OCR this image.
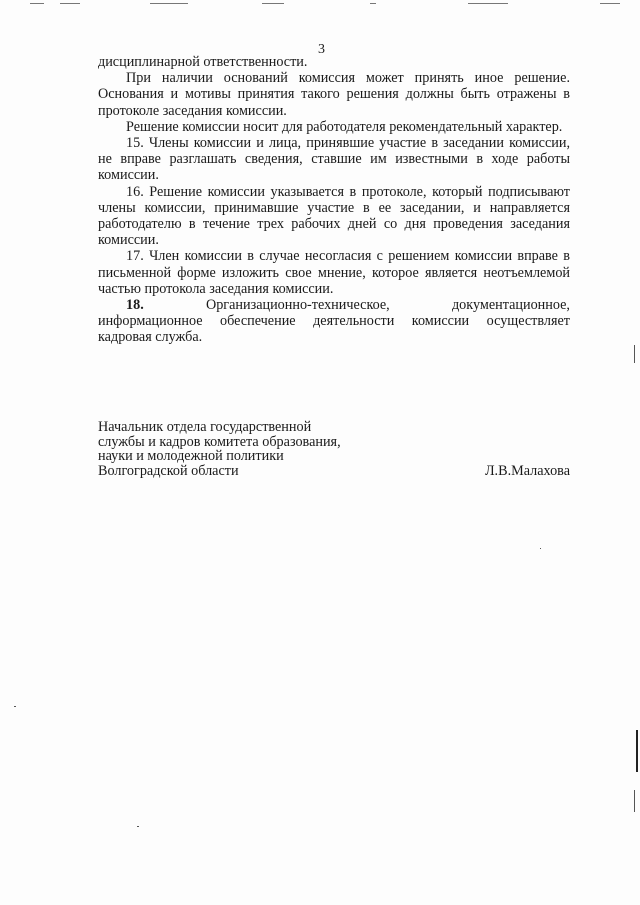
3

дисциплинарной ответственности.

При наличии оснований комиссия может принять иное решение. Основания и мотивы принятия такого решения должны быть отражены в протоколе заседания комиссии.

Решение комиссии носит для работодателя рекомендательный характер.

15. Члены комиссии и лица, принявшие участие в заседании комиссии, не вправе разглашать сведения, ставшие им известными в ходе работы комиссии.

16. Решение комиссии указывается в протоколе, который подписывают члены комиссии, принимавшие участие в ее заседании, и направляется работодателю в течение трех рабочих дней со дня проведения заседания комиссии.

17. Член комиссии в случае несогласия с решением комиссии вправе в письменной форме изложить свое мнение, которое является неотъемлемой частью протокола заседания комиссии.

18.	Организационно-техническое,	документационное,

информационное обеспечение деятельности комиссии осуществляет кадровая служба.

Начальник отдела государственной
службы и кадров комитета образования,
науки и молодежной политики
Волгоградской области	Л.В.Малахова
